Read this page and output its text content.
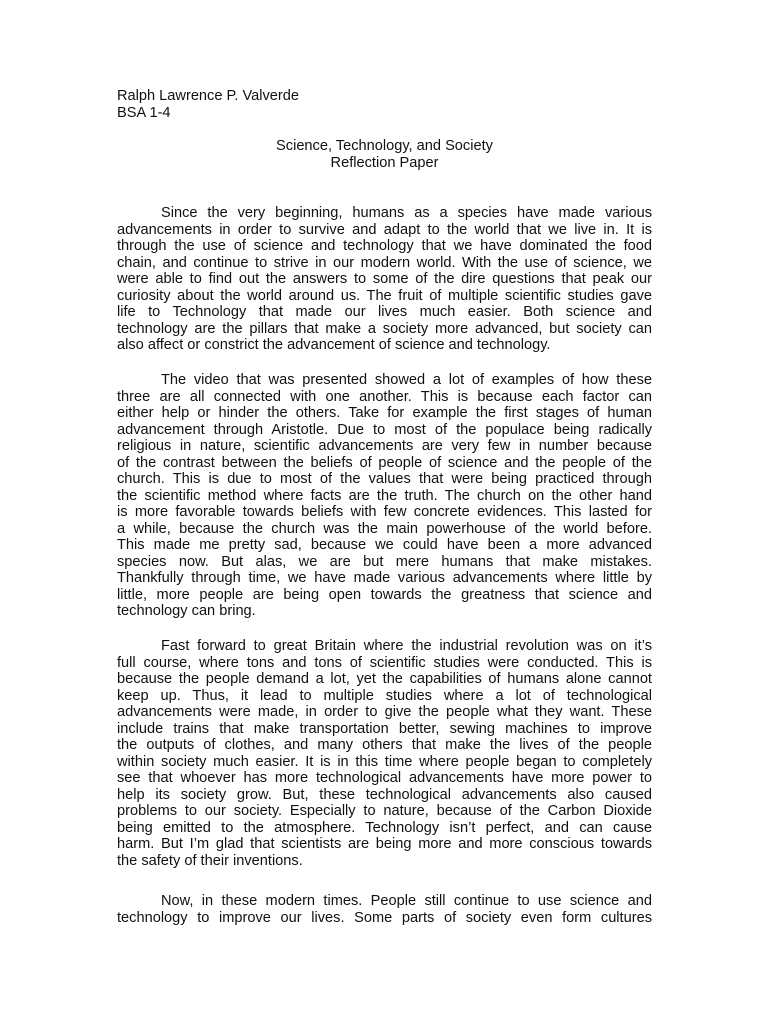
Ralph Lawrence P. Valverde

BSA 1-4

Science, Technology, and Society

Reflection Paper

Since the very beginning, humans as a species have made various
advancements in order to survive and adapt to the world that we live in. It is
through the use of science and technology that we have dominated the food
chain, and continue to strive in our modern world. With the use of science, we
were able to find out the answers to some of the dire questions that peak our
curiosity about the world around us. The fruit of multiple scientific studies gave
life to Technology that made our lives much easier. Both science and
technology are the pillars that make a society more advanced, but society can
also affect or constrict the advancement of science and technology.
The video that was presented showed a lot of examples of how these
three are all connected with one another. This is because each factor can
either help or hinder the others. Take for example the first stages of human
advancement through Aristotle. Due to most of the populace being radically
religious in nature, scientific advancements are very few in number because
of the contrast between the beliefs of people of science and the people of the
church. This is due to most of the values that were being practiced through
the scientific method where facts are the truth. The church on the other hand
is more favorable towards beliefs with few concrete evidences. This lasted for
a while, because the church was the main powerhouse of the world before.
This made me pretty sad, because we could have been a more advanced
species now. But alas, we are but mere humans that make mistakes.
Thankfully through time, we have made various advancements where little by
little, more people are being open towards the greatness that science and
technology can bring.
Fast forward to great Britain where the industrial revolution was on it’s
full course, where tons and tons of scientific studies were conducted. This is
because the people demand a lot, yet the capabilities of humans alone cannot
keep up. Thus, it lead to multiple studies where a lot of technological
advancements were made, in order to give the people what they want. These
include trains that make transportation better, sewing machines to improve
the outputs of clothes, and many others that make the lives of the people
within society much easier. It is in this time where people began to completely
see that whoever has more technological advancements have more power to
help its society grow. But, these technological advancements also caused
problems to our society. Especially to nature, because of the Carbon Dioxide
being emitted to the atmosphere. Technology isn’t perfect, and can cause
harm. But I’m glad that scientists are being more and more conscious towards
the safety of their inventions.
Now, in these modern times. People still continue to use science and
technology to improve our lives. Some parts of society even form cultures
